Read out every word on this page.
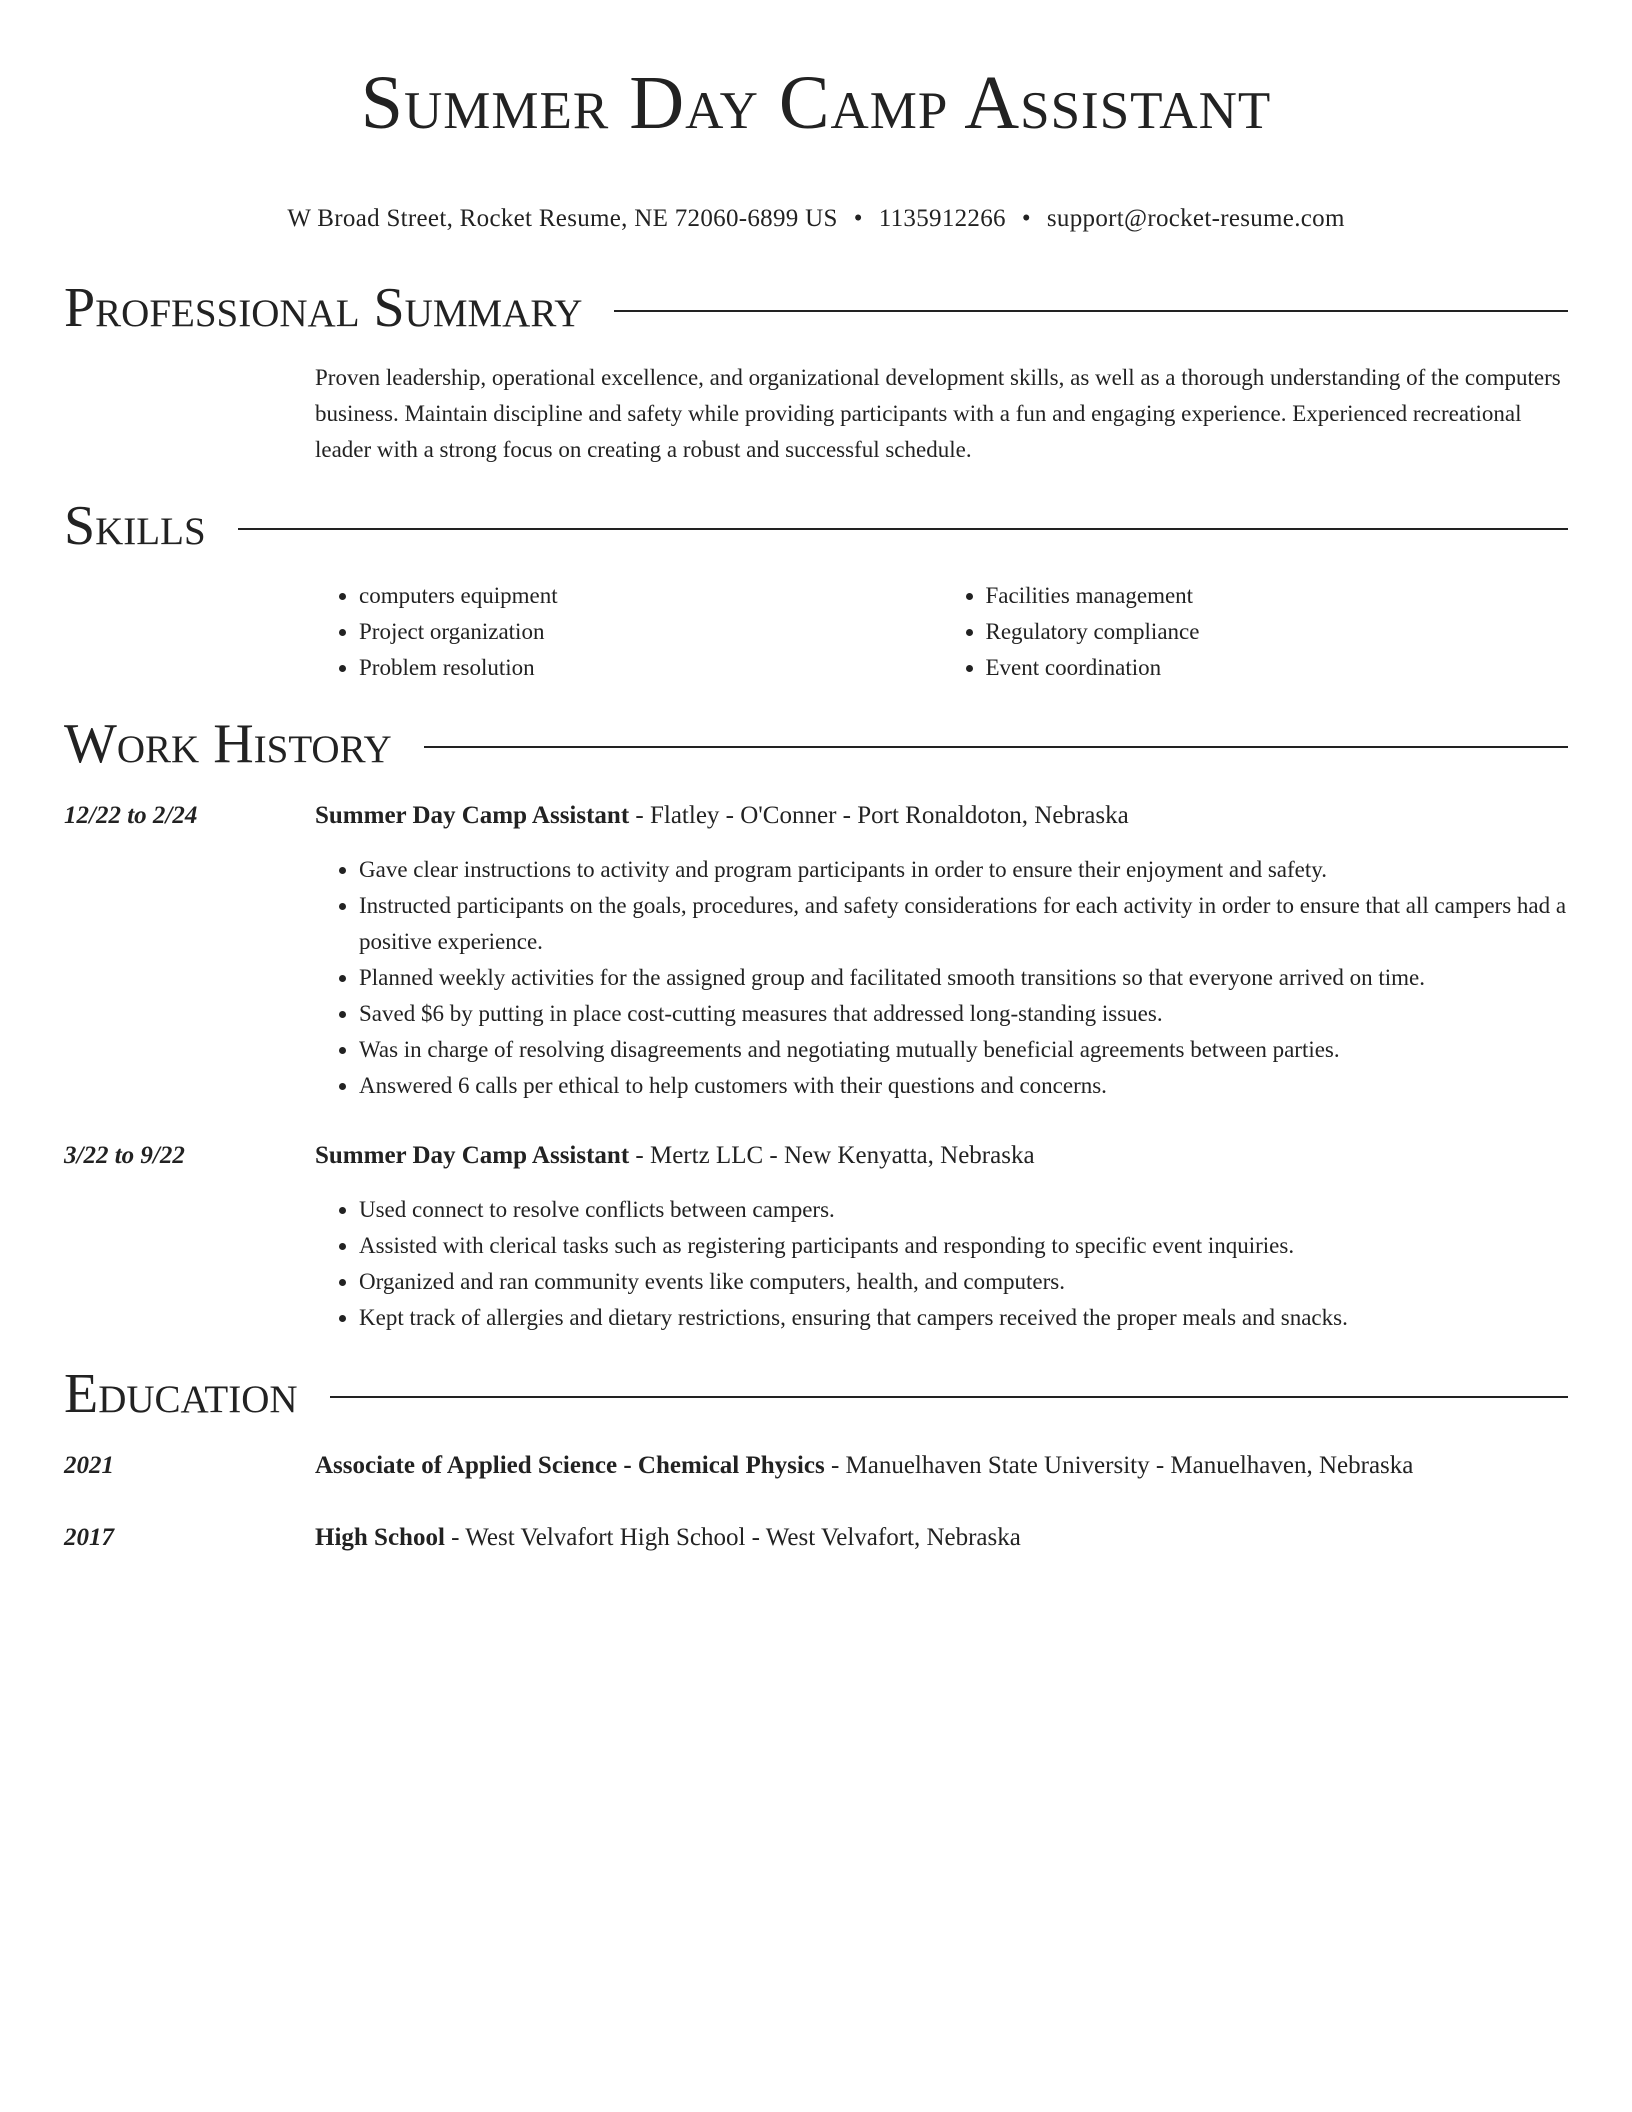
Summer Day Camp Assistant
W Broad Street, Rocket Resume, NE 72060-6899 US • 1135912266 • support@rocket-resume.com
Professional Summary

Proven leadership, operational excellence, and organizational development skills, as well as a thorough understanding of the computers business. Maintain discipline and safety while providing participants with a fun and engaging experience. Experienced recreational leader with a strong focus on creating a robust and successful schedule.

Skills
• computers equipment
• Project organization
• Problem resolution
• Facilities management
• Regulatory compliance
• Event coordination
Work History
12/22 to 2/24	Summer Day Camp Assistant - Flatley - O'Conner - Port Ronaldoton, Nebraska
• Gave clear instructions to activity and program participants in order to ensure their enjoyment and safety.
• Instructed participants on the goals, procedures, and safety considerations for each activity in order to ensure that all campers had a positive experience.
• Planned weekly activities for the assigned group and facilitated smooth transitions so that everyone arrived on time.
• Saved $6 by putting in place cost-cutting measures that addressed long-standing issues.
• Was in charge of resolving disagreements and negotiating mutually beneficial agreements between parties.
• Answered 6 calls per ethical to help customers with their questions and concerns.
3/22 to 9/22	Summer Day Camp Assistant - Mertz LLC - New Kenyatta, Nebraska
• Used connect to resolve conflicts between campers.
• Assisted with clerical tasks such as registering participants and responding to specific event inquiries.
• Organized and ran community events like computers, health, and computers.
• Kept track of allergies and dietary restrictions, ensuring that campers received the proper meals and snacks.
Education
2021	Associate of Applied Science - Chemical Physics - Manuelhaven State University - Manuelhaven, Nebraska
2017	High School - West Velvafort High School - West Velvafort, Nebraska
